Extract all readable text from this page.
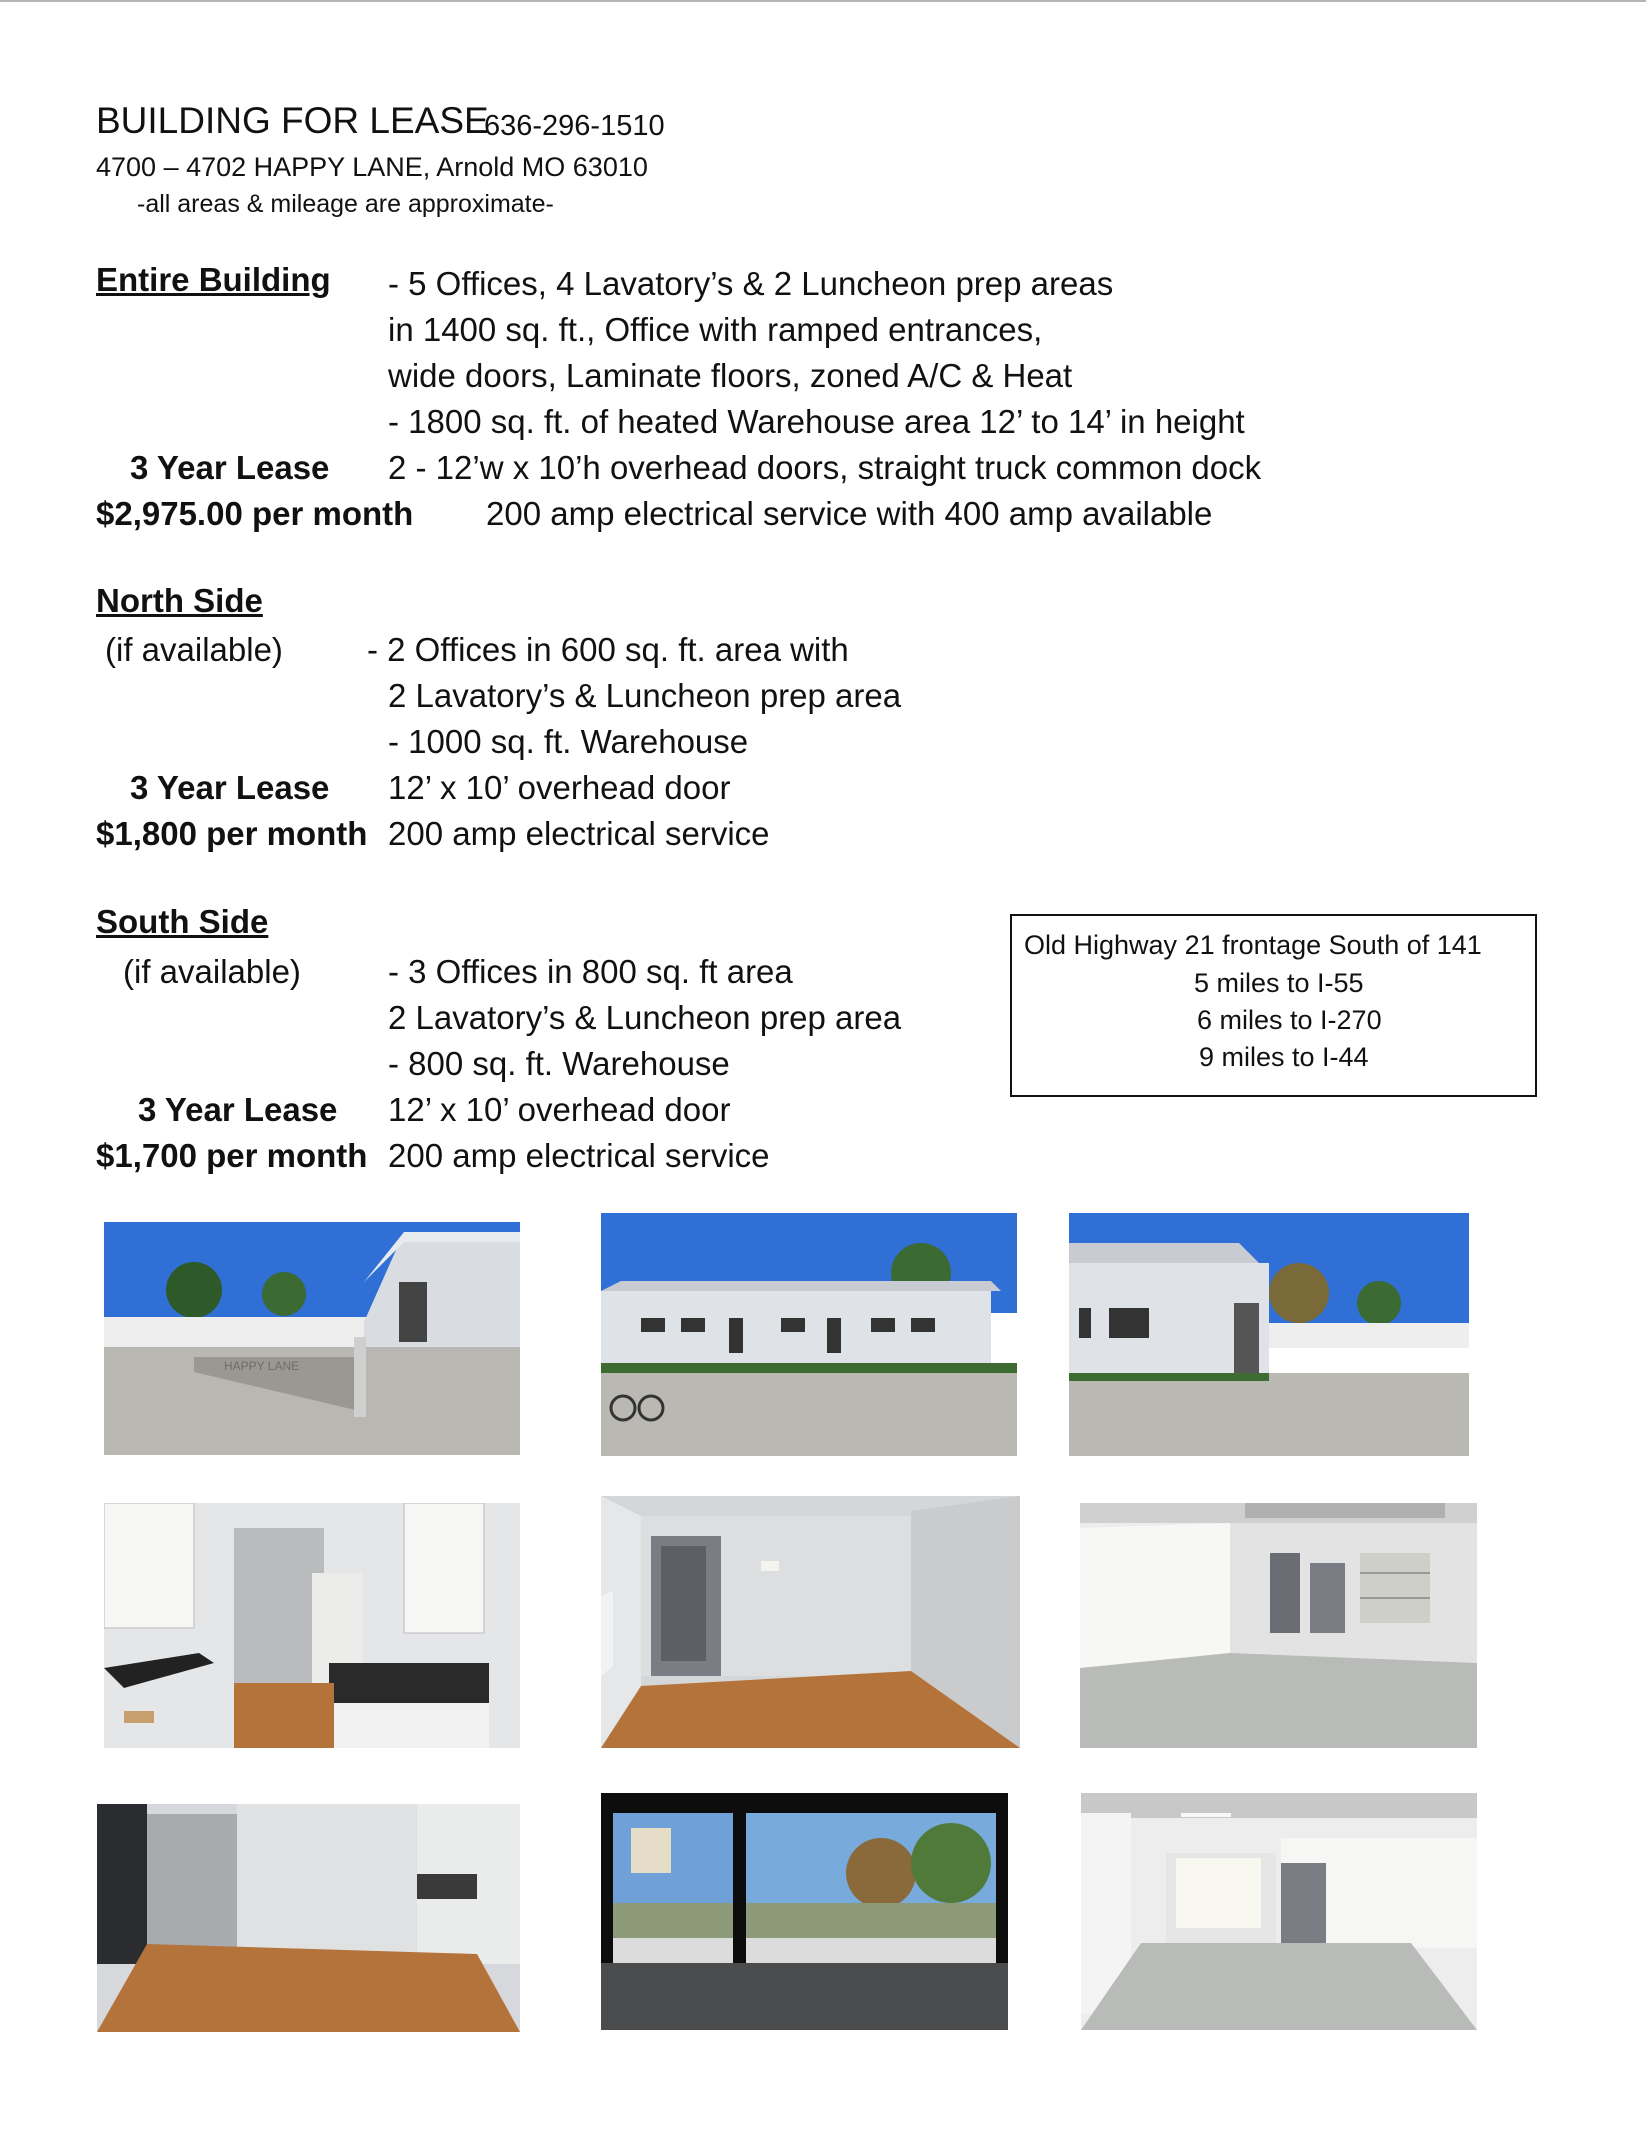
BUILDING FOR LEASE
636-296-1510
4700 – 4702 HAPPY LANE, Arnold MO 63010
-all areas & mileage are approximate-
Entire Building - 5 Offices, 4 Lavatory’s & 2 Luncheon prep areas
in 1400 sq. ft., Office with ramped entrances,
wide doors, Laminate floors, zoned A/C & Heat
- 1800 sq. ft. of heated Warehouse area 12’ to 14’ in height
3 Year Lease 2 - 12’w x 10’h overhead doors, straight truck common dock
$2,975.00 per month 200 amp electrical service with 400 amp available
North Side
(if available)	- 2 Offices in 600 sq. ft. area with
2 Lavatory’s & Luncheon prep area
- 1000 sq. ft. Warehouse
3 Year Lease 12’ x 10’ overhead door
$1,800 per month 200 amp electrical service
South Side
(if available)	- 3 Offices in 800 sq. ft area
2 Lavatory’s & Luncheon prep area
- 800 sq. ft. Warehouse
3 Year Lease 12’ x 10’ overhead door
$1,700 per month 200 amp electrical service
Old Highway 21 frontage South of 141
5 miles to I-55
6 miles to I-270
9 miles to I-44
HAPPY LANE
